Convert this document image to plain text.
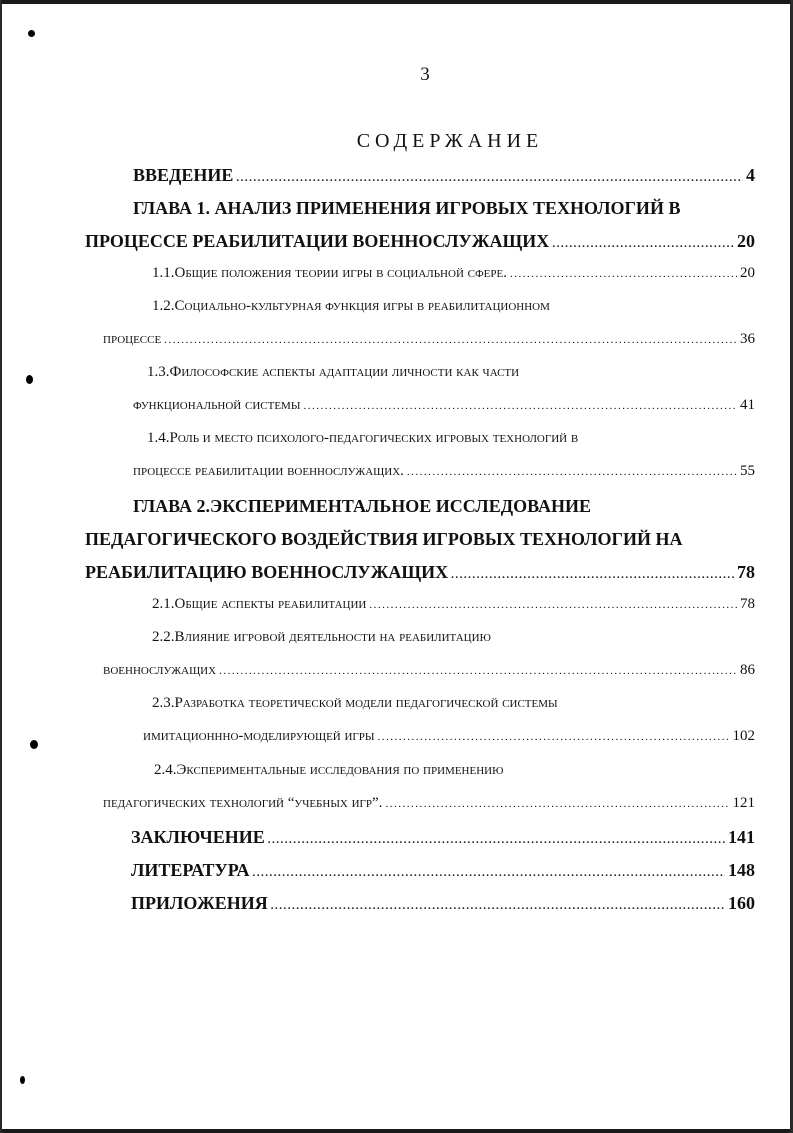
3
СОДЕРЖАНИЕ
ВВЕДЕНИЕ .....	4
ГЛАВА 1. АНАЛИЗ ПРИМЕНЕНИЯ ИГРОВЫХ ТЕХНОЛОГИЙ В
ПРОЦЕССЕ РЕАБИЛИТАЦИИ ВОЕННОСЛУЖАЩИХ .....	20
1.1.Общие положения теории игры в социальной сфере. .....	20
1.2.Социально-культурная функция игры в реабилитационном
процессе .....	36
1.3.Философские аспекты адаптации личности как части
функциональной системы .....	41
1.4.Роль и место психолого-педагогических игровых технологий в
процессе реабилитации военнослужащих. .....	55
ГЛАВА 2.ЭКСПЕРИМЕНТАЛЬНОЕ ИССЛЕДОВАНИЕ
ПЕДАГОГИЧЕСКОГО ВОЗДЕЙСТВИЯ ИГРОВЫХ ТЕХНОЛОГИЙ НА
РЕАБИЛИТАЦИЮ ВОЕННОСЛУЖАЩИХ .....	78
2.1.Общие аспекты реабилитации .....	78
2.2.Влияние игровой деятельности на реабилитацию
военнослужащих .....	86
2.3.Разработка теоретической модели педагогической системы
имитационнно-моделирующей игры .....	102
2.4.Экспериментальные исследования по применению
педагогических технологий “учебных игр”. .....	121
ЗАКЛЮЧЕНИЕ .....	141
ЛИТЕРАТУРА .....	148
ПРИЛОЖЕНИЯ .....	160
